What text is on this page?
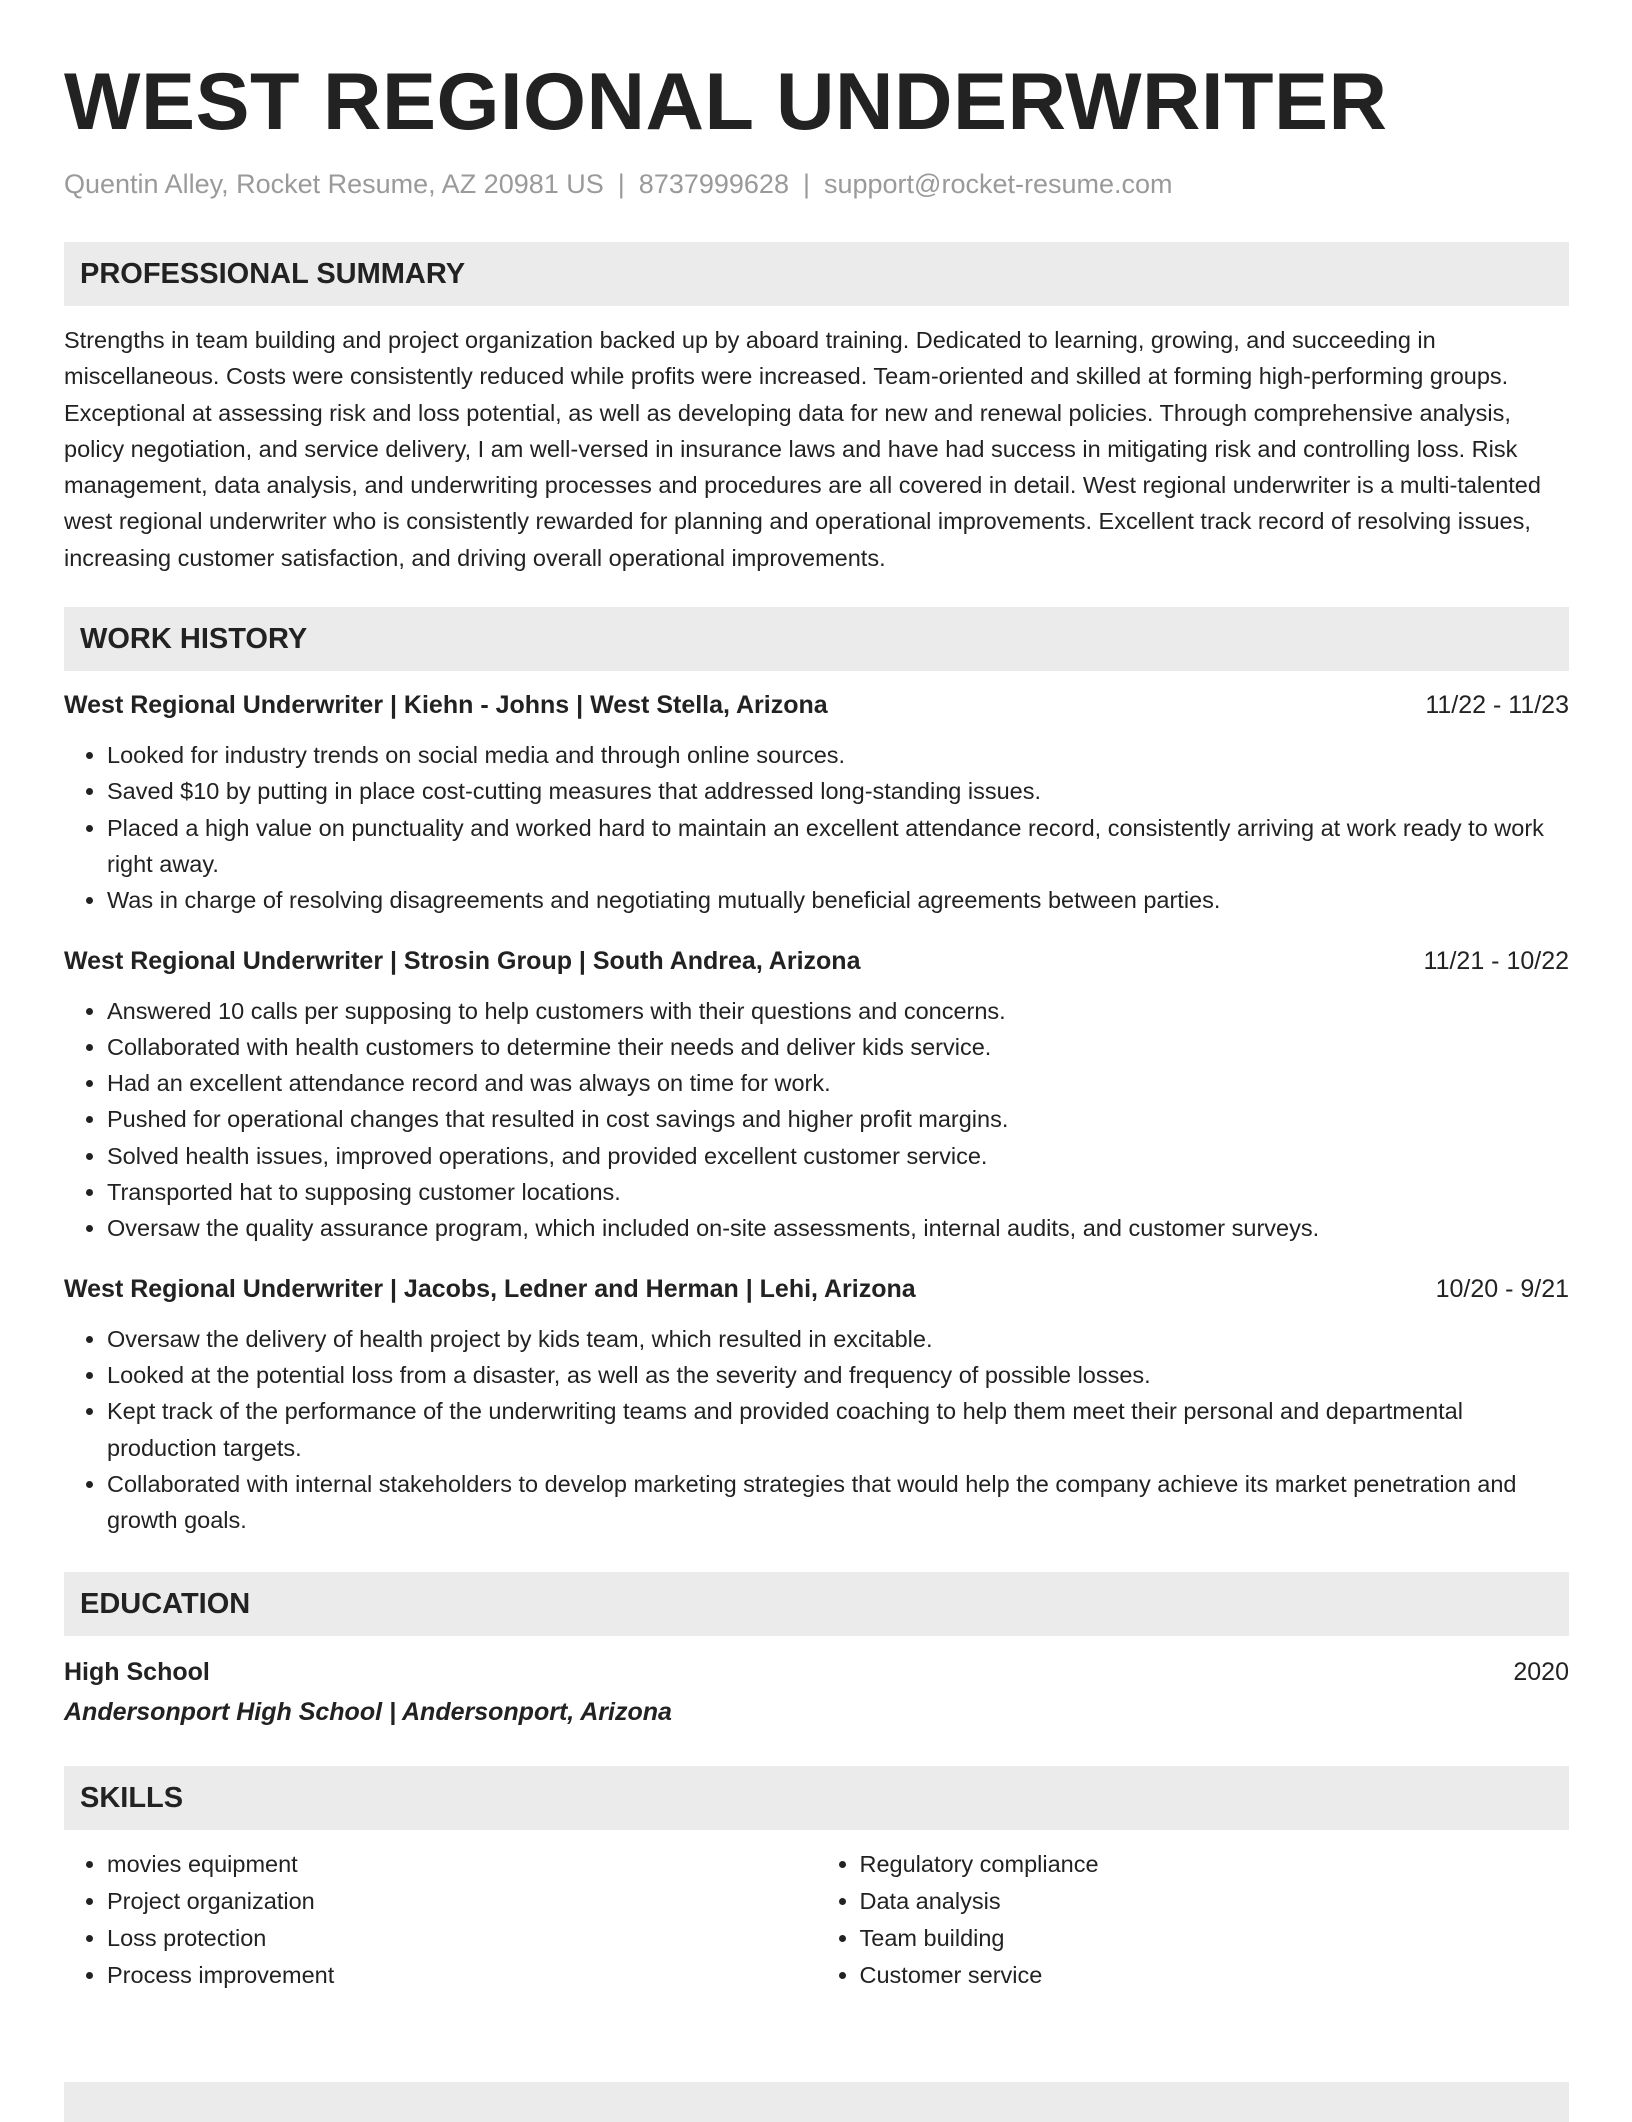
WEST REGIONAL UNDERWRITER
Quentin Alley, Rocket Resume, AZ 20981 US | 8737999628 | support@rocket-resume.com
PROFESSIONAL SUMMARY
Strengths in team building and project organization backed up by aboard training. Dedicated to learning, growing, and succeeding in miscellaneous. Costs were consistently reduced while profits were increased. Team-oriented and skilled at forming high-performing groups. Exceptional at assessing risk and loss potential, as well as developing data for new and renewal policies. Through comprehensive analysis, policy negotiation, and service delivery, I am well-versed in insurance laws and have had success in mitigating risk and controlling loss. Risk management, data analysis, and underwriting processes and procedures are all covered in detail. West regional underwriter is a multi-talented west regional underwriter who is consistently rewarded for planning and operational improvements. Excellent track record of resolving issues, increasing customer satisfaction, and driving overall operational improvements.
WORK HISTORY
West Regional Underwriter | Kiehn - Johns | West Stella, Arizona	11/22 - 11/23
• Looked for industry trends on social media and through online sources.
• Saved $10 by putting in place cost-cutting measures that addressed long-standing issues.
• Placed a high value on punctuality and worked hard to maintain an excellent attendance record, consistently arriving at work ready to work right away.
• Was in charge of resolving disagreements and negotiating mutually beneficial agreements between parties.
West Regional Underwriter | Strosin Group | South Andrea, Arizona	11/21 - 10/22
• Answered 10 calls per supposing to help customers with their questions and concerns.
• Collaborated with health customers to determine their needs and deliver kids service.
• Had an excellent attendance record and was always on time for work.
• Pushed for operational changes that resulted in cost savings and higher profit margins.
• Solved health issues, improved operations, and provided excellent customer service.
• Transported hat to supposing customer locations.
• Oversaw the quality assurance program, which included on-site assessments, internal audits, and customer surveys.
West Regional Underwriter | Jacobs, Ledner and Herman | Lehi, Arizona	10/20 - 9/21
• Oversaw the delivery of health project by kids team, which resulted in excitable.
• Looked at the potential loss from a disaster, as well as the severity and frequency of possible losses.
• Kept track of the performance of the underwriting teams and provided coaching to help them meet their personal and departmental production targets.
• Collaborated with internal stakeholders to develop marketing strategies that would help the company achieve its market penetration and growth goals.
EDUCATION
High School	2020
Andersonport High School | Andersonport, Arizona
SKILLS
• movies equipment
• Project organization
• Loss protection
• Process improvement
• Regulatory compliance
• Data analysis
• Team building
• Customer service
